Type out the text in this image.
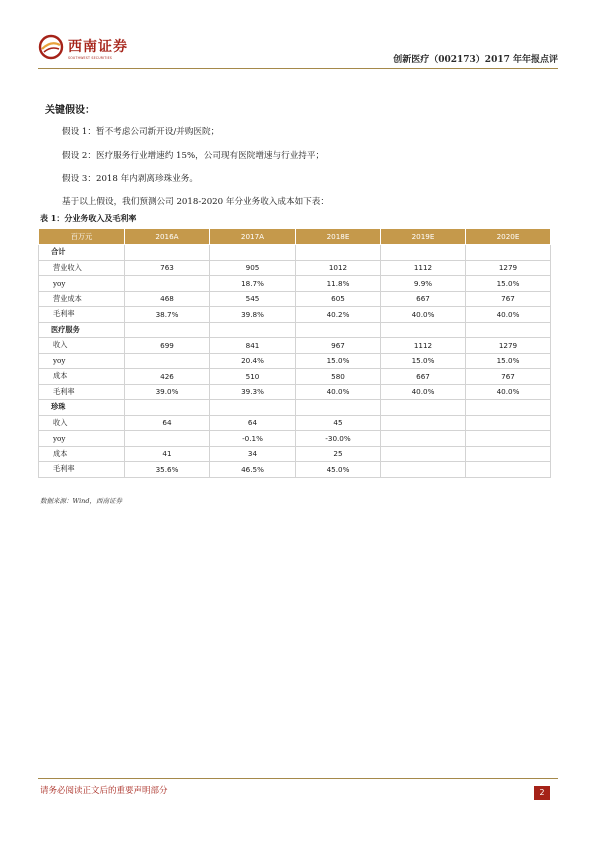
西南证券
SOUTHWEST SECURITIES	创新医疗（002173）2017 年年报点评
关键假设：
假设 1：暂不考虑公司新开设/并购医院；
假设 2：医疗服务行业增速约 15%，公司现有医院增速与行业持平；
假设 3：2018 年内剥离珍珠业务。
基于以上假设，我们预测公司 2018-2020 年分业务收入成本如下表：
表 1：分业务收入及毛利率
百万元	2016A	2017A	2018E	2019E	2020E
合计					
营业收入	763	905	1012	1112	1279
yoy		18.7%	11.8%	9.9%	15.0%
营业成本	468	545	605	667	767
毛利率	38.7%	39.8%	40.2%	40.0%	40.0%
医疗服务					
收入	699	841	967	1112	1279
yoy		20.4%	15.0%	15.0%	15.0%
成本	426	510	580	667	767
毛利率	39.0%	39.3%	40.0%	40.0%	40.0%
珍珠					
收入	64	64	45		
yoy		-0.1%	-30.0%		
成本	41	34	25		
毛利率	35.6%	46.5%	45.0%		
数据来源：Wind，西南证券
请务必阅读正文后的重要声明部分	2
